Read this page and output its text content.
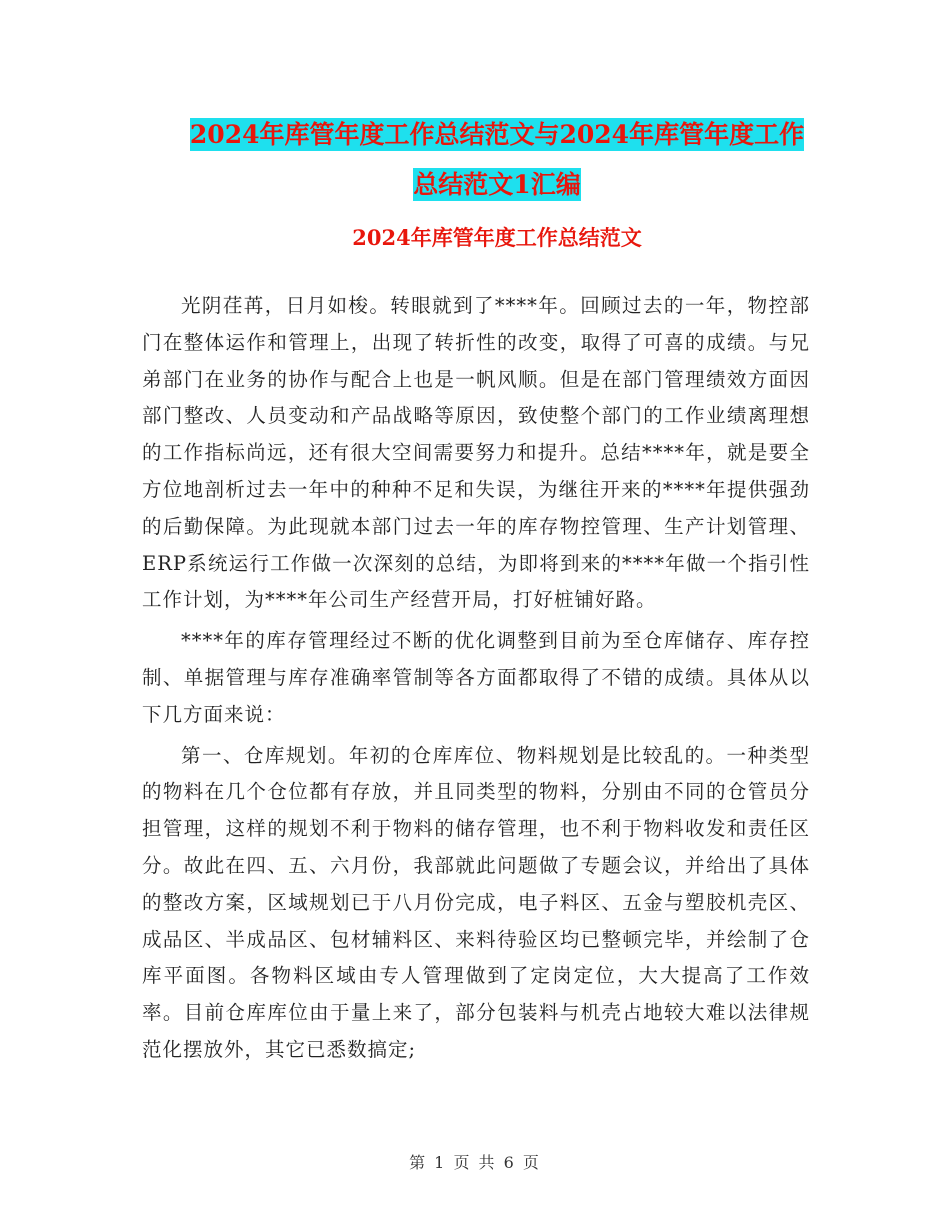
2024年库管年度工作总结范文与2024年库管年度工作
总结范文1汇编
2024年库管年度工作总结范文

光阴荏苒，日月如梭。转眼就到了****年。回顾过去的一年，物控部门在整体运作和管理上，出现了转折性的改变，取得了可喜的成绩。与兄弟部门在业务的协作与配合上也是一帆风顺。但是在部门管理绩效方面因部门整改、人员变动和产品战略等原因，致使整个部门的工作业绩离理想的工作指标尚远，还有很大空间需要努力和提升。总结****年，就是要全方位地剖析过去一年中的种种不足和失误，为继往开来的****年提供强劲的后勤保障。为此现就本部门过去一年的库存物控管理、生产计划管理、ERP系统运行工作做一次深刻的总结，为即将到来的****年做一个指引性工作计划，为****年公司生产经营开局，打好桩铺好路。

****年的库存管理经过不断的优化调整到目前为至仓库储存、库存控制、单据管理与库存准确率管制等各方面都取得了不错的成绩。具体从以下几方面来说：

第一、仓库规划。年初的仓库库位、物料规划是比较乱的。一种类型的物料在几个仓位都有存放，并且同类型的物料，分别由不同的仓管员分担管理，这样的规划不利于物料的储存管理，也不利于物料收发和责任区分。故此在四、五、六月份，我部就此问题做了专题会议，并给出了具体的整改方案，区域规划已于八月份完成，电子料区、五金与塑胶机壳区、成品区、半成品区、包材辅料区、来料待验区均已整顿完毕，并绘制了仓库平面图。各物料区域由专人管理做到了定岗定位，大大提高了工作效率。目前仓库库位由于量上来了，部分包装料与机壳占地较大难以法律规范化摆放外，其它已悉数搞定;

第 1 页 共 6 页
